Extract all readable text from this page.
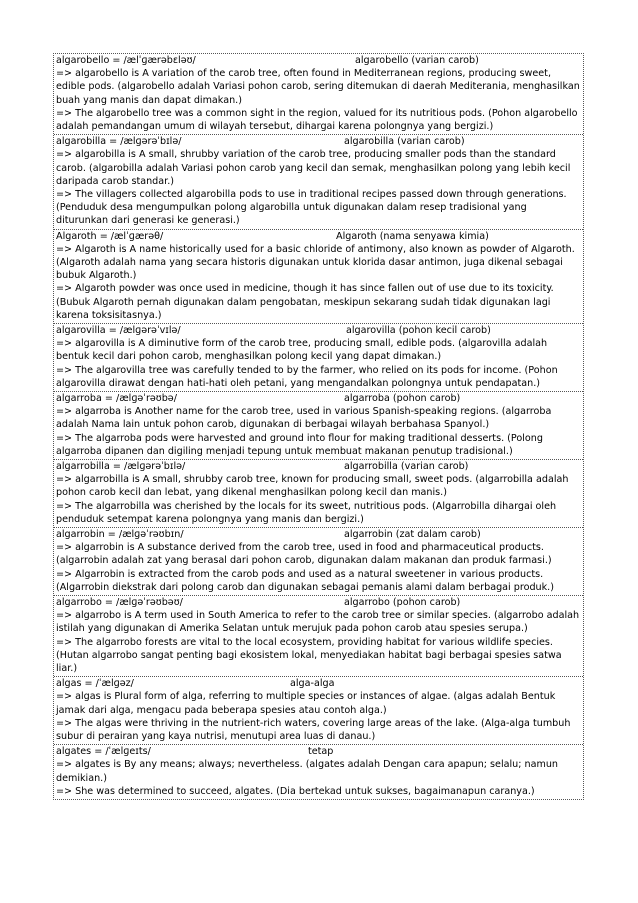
algarobello = /ælˈɡærəbɛləʊ/	algarobello (varian carob)

=> algarobello is A variation of the carob tree, often found in Mediterranean regions, producing sweet, edible pods. (algarobello adalah Variasi pohon carob, sering ditemukan di daerah Mediterania, menghasilkan buah yang manis dan dapat dimakan.)

=> The algarobello tree was a common sight in the region, valued for its nutritious pods. (Pohon algarobello adalah pemandangan umum di wilayah tersebut, dihargai karena polongnya yang bergizi.)

algarobilla = /ælɡərəˈbɪlə/	algarobilla (varian carob)

=> algarobilla is A small, shrubby variation of the carob tree, producing smaller pods than the standard carob. (algarobilla adalah Variasi pohon carob yang kecil dan semak, menghasilkan polong yang lebih kecil daripada carob standar.)

=> The villagers collected algarobilla pods to use in traditional recipes passed down through generations. (Penduduk desa mengumpulkan polong algarobilla untuk digunakan dalam resep tradisional yang diturunkan dari generasi ke generasi.)

Algaroth = /ælˈɡærəθ/	Algaroth (nama senyawa kimia)

=> Algaroth is A name historically used for a basic chloride of antimony, also known as powder of Algaroth. (Algaroth adalah nama yang secara historis digunakan untuk klorida dasar antimon, juga dikenal sebagai bubuk Algaroth.)

=> Algaroth powder was once used in medicine, though it has since fallen out of use due to its toxicity. (Bubuk Algaroth pernah digunakan dalam pengobatan, meskipun sekarang sudah tidak digunakan lagi karena toksisitasnya.)

algarovilla = /ælɡərəˈvɪlə/	algarovilla (pohon kecil carob)

=> algarovilla is A diminutive form of the carob tree, producing small, edible pods. (algarovilla adalah bentuk kecil dari pohon carob, menghasilkan polong kecil yang dapat dimakan.)

=> The algarovilla tree was carefully tended to by the farmer, who relied on its pods for income. (Pohon algarovilla dirawat dengan hati-hati oleh petani, yang mengandalkan polongnya untuk pendapatan.)

algarroba = /ælɡəˈrəʊbə/	algarroba (pohon carob)

=> algarroba is Another name for the carob tree, used in various Spanish-speaking regions. (algarroba adalah Nama lain untuk pohon carob, digunakan di berbagai wilayah berbahasa Spanyol.)

=> The algarroba pods were harvested and ground into flour for making traditional desserts. (Polong algarroba dipanen dan digiling menjadi tepung untuk membuat makanan penutup tradisional.)

algarrobilla = /ælɡərəˈbɪlə/	algarrobilla (varian carob)

=> algarrobilla is A small, shrubby carob tree, known for producing small, sweet pods. (algarrobilla adalah pohon carob kecil dan lebat, yang dikenal menghasilkan polong kecil dan manis.)

=> The algarrobilla was cherished by the locals for its sweet, nutritious pods. (Algarrobilla dihargai oleh penduduk setempat karena polongnya yang manis dan bergizi.)

algarrobin = /ælɡəˈrəʊbɪn/	algarrobin (zat dalam carob)

=> algarrobin is A substance derived from the carob tree, used in food and pharmaceutical products. (algarrobin adalah zat yang berasal dari pohon carob, digunakan dalam makanan dan produk farmasi.)

=> Algarrobin is extracted from the carob pods and used as a natural sweetener in various products. (Algarrobin diekstrak dari polong carob dan digunakan sebagai pemanis alami dalam berbagai produk.)

algarrobo = /ælɡəˈrəʊbəʊ/	algarrobo (pohon carob)

=> algarrobo is A term used in South America to refer to the carob tree or similar species. (algarrobo adalah istilah yang digunakan di Amerika Selatan untuk merujuk pada pohon carob atau spesies serupa.)

=> The algarrobo forests are vital to the local ecosystem, providing habitat for various wildlife species. (Hutan algarrobo sangat penting bagi ekosistem lokal, menyediakan habitat bagi berbagai spesies satwa liar.)

algas = /ˈælɡəz/	alga-alga

=> algas is Plural form of alga, referring to multiple species or instances of algae. (algas adalah Bentuk jamak dari alga, mengacu pada beberapa spesies atau contoh alga.)

=> The algas were thriving in the nutrient-rich waters, covering large areas of the lake. (Alga-alga tumbuh subur di perairan yang kaya nutrisi, menutupi area luas di danau.)

algates = /ˈælɡeɪts/	tetap

=> algates is By any means; always; nevertheless. (algates adalah Dengan cara apapun; selalu; namun demikian.)

=> She was determined to succeed, algates. (Dia bertekad untuk sukses, bagaimanapun caranya.)
